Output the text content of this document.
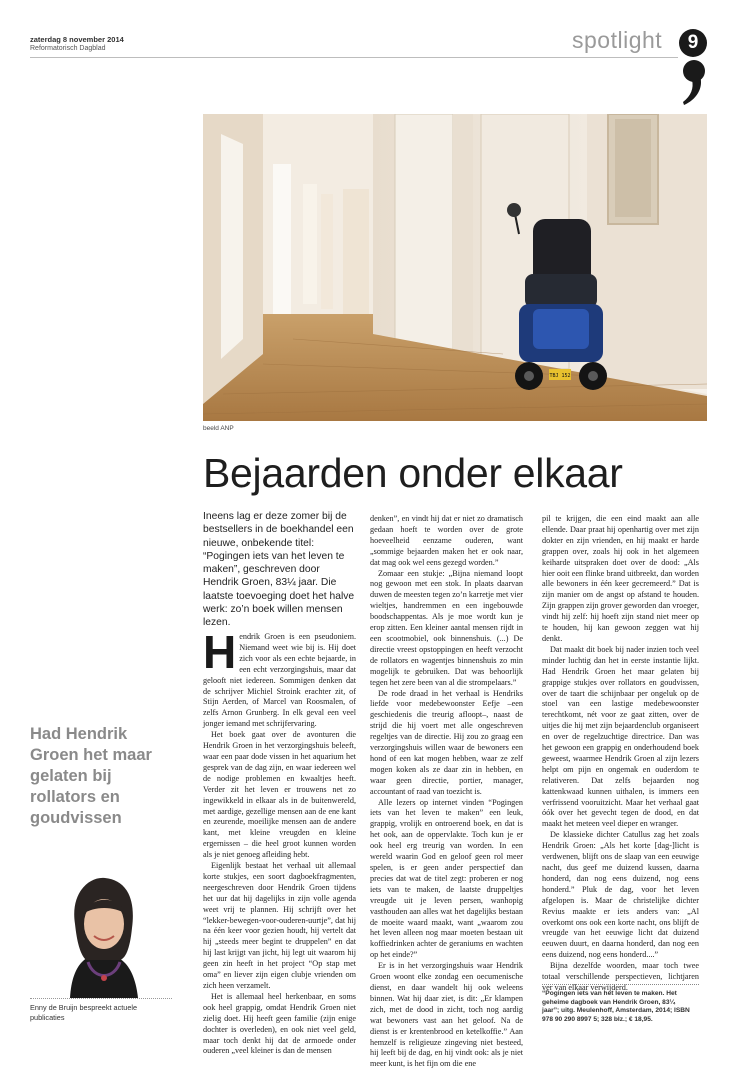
zaterdag 8 november 2014
Reformatorisch Dagblad	spotlight	9
TBJ 152
beeld ANP
Bejaarden onder elkaar
Ineens lag er deze zomer bij de bestsellers in de boekhandel een nieuwe, onbekende titel: “Pogingen iets van het leven te maken”, geschreven door Hendrik Groen, 83¼ jaar. Die laatste toevoeging doet het halve werk: zo’n boek willen mensen lezen.

Hendrik Groen is een pseudoniem. Niemand weet wie bij is. Hij doet zich voor als een echte bejaarde, in een echt verzorgingshuis, maar dat gelooft niet iedereen. Sommigen denken dat de schrijver Michiel Stroink erachter zit, of Stijn Aerden, of Marcel van Roosmalen, of zelfs Arnon Grunberg. In elk geval een veel jonger iemand met schrijfervaring.

Het boek gaat over de avonturen die Hendrik Groen in het verzorgingshuis beleeft, waar een paar dode vissen in het aquarium het gesprek van de dag zijn, en waar iedereen wel de nodige problemen en kwaaltjes heeft. Verder zit het leven er trouwens net zo ingewikkeld in elkaar als in de buitenwereld, met aardige, gezellige mensen aan de ene kant en zeurende, moeilijke mensen aan de andere kant, met kleine vreugden en kleine ergernissen – die heel groot kunnen worden als je niet genoeg afleiding hebt.

Eigenlijk bestaat het verhaal uit allemaal korte stukjes, een soort dagboekfragmenten, neergeschreven door Hendrik Groen tijdens het uur dat hij dagelijks in zijn volle agenda weet vrij te plannen. Hij schrijft over het “lekker-bewegen-voor-ouderen-uurtje”, dat hij na één keer voor gezien houdt, hij vertelt dat hij „steeds meer begint te druppelen” en dat hij last krijgt van jicht, hij legt uit waarom hij geen zin heeft in het project “Op stap met oma” en liever zijn eigen clubje vrienden om zich heen verzamelt.

Het is allemaal heel herkenbaar, en soms ook heel grappig, omdat Hendrik Groen niet zielig doet. Hij heeft geen familie (zijn enige dochter is overleden), en ook niet veel geld, maar toch denkt hij dat de armoede onder ouderen „veel kleiner is dan de mensen

denken”, en vindt hij dat er niet zo dramatisch gedaan hoeft te worden over de grote hoeveelheid eenzame ouderen, want „sommige bejaarden maken het er ook naar, dat mag ook wel eens gezegd worden.”

Zomaar een stukje: „Bijna niemand loopt nog gewoon met een stok. In plaats daarvan duwen de meesten tegen zo’n karretje met vier wieltjes, handremmen en een ingebouwde boodschappentas. Als je moe wordt kun je erop zitten. Een kleiner aantal mensen rijdt in een scootmobiel, ook binnenshuis. (...) De directie vreest opstoppingen en heeft verzocht de rollators en wagentjes binnenshuis zo min mogelijk te gebruiken. Dat was behoorlijk tegen het zere been van al die strompelaars.”

De rode draad in het verhaal is Hendriks liefde voor medebewoonster Eefje –een geschiedenis die treurig afloopt–, naast de strijd die hij voert met alle ongeschreven regeltjes van de directie. Hij zou zo graag een verzorgingshuis willen waar de bewoners een hond of een kat mogen hebben, waar ze zelf mogen koken als ze daar zin in hebben, en waar geen directie, portier, manager, accountant of raad van toezicht is.

Alle lezers op internet vinden “Pogingen iets van het leven te maken” een leuk, grappig, vrolijk en ontroerend boek, en dat is het ook, aan de oppervlakte. Toch kun je er ook heel erg treurig van worden. In een wereld waarin God en geloof geen rol meer spelen, is er geen ander perspectief dan precies dat wat de titel zegt: proberen er nog iets van te maken, de laatste druppeltjes vreugde uit je leven persen, wanhopig vasthouden aan alles wat het dagelijks bestaan de moeite waard maakt, want „waarom zou het leven alleen nog maar moeten bestaan uit koffiedrinken achter de geraniums en wachten op het einde?”

Er is in het verzorgingshuis waar Hendrik Groen woont elke zondag een oecumenische dienst, en daar wandelt hij ook weleens binnen. Wat hij daar ziet, is dit: „Er klampen zich, met de dood in zicht, toch nog aardig wat bewoners vast aan het geloof. Na de dienst is er krentenbrood en ketelkoffie.” Aan hemzelf is religieuze zingeving niet besteed, hij leeft bij de dag, en hij vindt ook: als je niet meer kunt, is het fijn om die ene

pil te krijgen, die een eind maakt aan alle ellende. Daar praat hij openhartig over met zijn dokter en zijn vrienden, en hij maakt er harde grappen over, zoals hij ook in het algemeen keiharde uitspraken doet over de dood: „Als hier ooit een flinke brand uitbreekt, dan worden alle bewoners in één keer gecremeerd.” Dat is zijn manier om de angst op afstand te houden. Zijn grappen zijn grover geworden dan vroeger, vindt hij zelf: hij hoeft zijn stand niet meer op te houden, hij kan gewoon zeggen wat hij denkt.

Dat maakt dit boek bij nader inzien toch veel minder luchtig dan het in eerste instantie lijkt. Had Hendrik Groen het maar gelaten bij grappige stukjes over rollators en goudvissen, over de taart die schijnbaar per ongeluk op de stoel van een lastige medebewoonster terechtkomt, nét voor ze gaat zitten, over de uitjes die hij met zijn bejaardenclub organiseert en over de regelzuchtige directrice. Dan was het gewoon een grappig en onderhoudend boek geweest, waarmee Hendrik Groen al zijn lezers helpt om pijn en ongemak en ouderdom te relativeren. Dat zelfs bejaarden nog kattenkwaad kunnen uithalen, is immers een verfrissend vooruitzicht. Maar het verhaal gaat óók over het gevecht tegen de dood, en dat maakt het meteen veel dieper en wranger.

De klassieke dichter Catullus zag het zoals Hendrik Groen: „Als het korte [dag-]licht is verdwenen, blijft ons de slaap van een eeuwige nacht, dus geef me duizend kussen, daarna honderd, dan nog eens duizend, nog eens honderd.” Pluk de dag, voor het leven afgelopen is. Maar de christelijke dichter Revius maakte er iets anders van: „Al overkomt ons ook een korte nacht, ons blijft de vreugde van het eeuwige licht dat duizend eeuwen duurt, en daarna honderd, dan nog een eens duizend, nog eens honderd....”

Bijna dezelfde woorden, maar toch twee totaal verschillende perspectieven, lichtjaren ver van elkaar verwijderd.

“Pogingen iets van het leven te maken. Het geheime dagboek van Hendrik Groen, 83¼ jaar”; uitg. Meulenhoff, Amsterdam, 2014; ISBN 978 90 290 8997 5; 328 blz.; € 18,95.
Had Hendrik Groen het maar gelaten bij rollators en goudvissen
Enny de Bruijn bespreekt actuele publicaties
